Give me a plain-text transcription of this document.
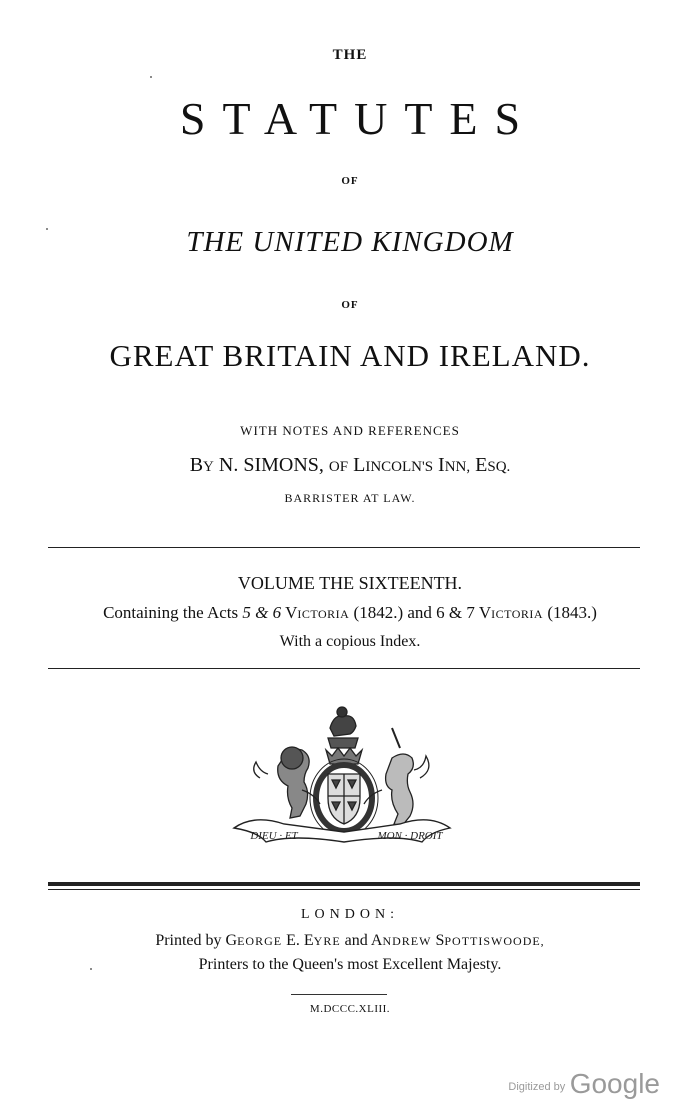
THE
STATUTES
OF
THE UNITED KINGDOM
OF
GREAT BRITAIN AND IRELAND.
WITH NOTES AND REFERENCES
BY N. SIMONS, OF LINCOLN'S INN, ESQ.
BARRISTER AT LAW.
VOLUME THE SIXTEENTH.
Containing the Acts 5 & 6 VICTORIA (1842.) and 6 & 7 VICTORIA (1843.)
With a copious Index.
DIEU · ET	MON · DROIT
LONDON:
Printed by GEORGE E. EYRE and ANDREW SPOTTISWOODE,
Printers to the Queen's most Excellent Majesty.
M.DCCC.XLIII.
Digitized by Google
